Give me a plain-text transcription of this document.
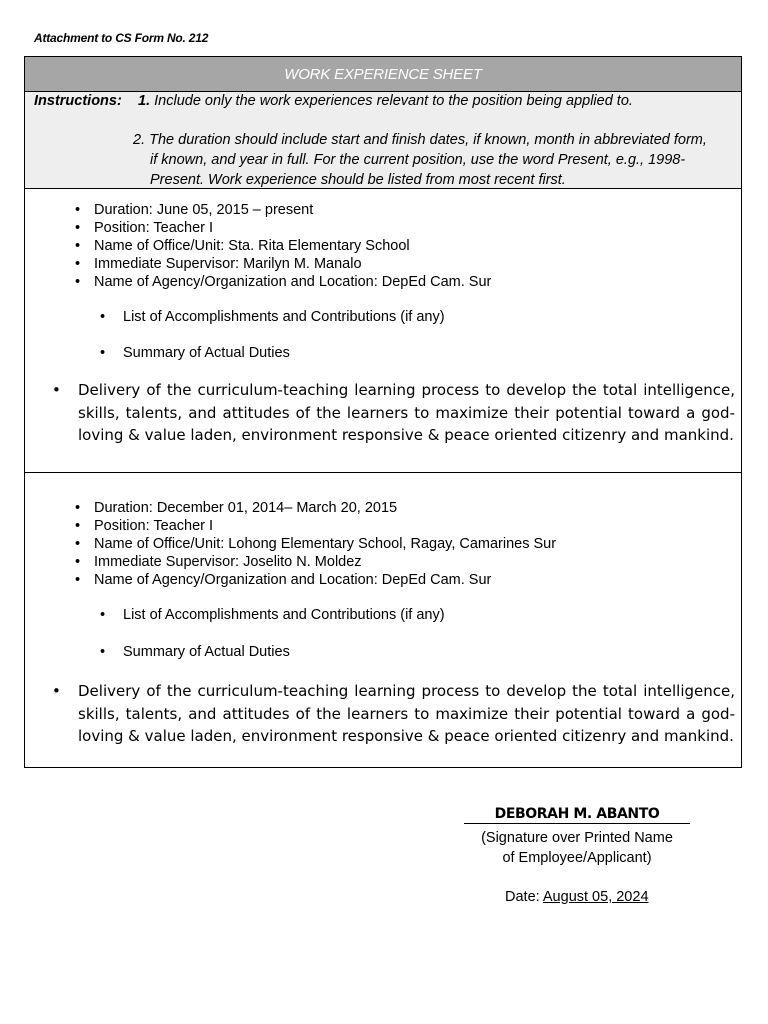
Attachment to CS Form No. 212
WORK EXPERIENCE SHEET
Instructions: 1. Include only the work experiences relevant to the position being applied to.
2. The duration should include start and finish dates, if known, month in abbreviated form,
if known, and year in full. For the current position, use the word Present, e.g., 1998-
Present. Work experience should be listed from most recent first.
• Duration: June 05, 2015 – present
• Position: Teacher I
• Name of Office/Unit: Sta. Rita Elementary School
• Immediate Supervisor: Marilyn M. Manalo
• Name of Agency/Organization and Location: DepEd Cam. Sur
• List of Accomplishments and Contributions (if any)
• Summary of Actual Duties
• Delivery of the curriculum-teaching learning process to develop the total intelligence, skills, talents, and attitudes of the learners to maximize their potential toward a god-loving & value laden, environment responsive & peace oriented citizenry and mankind.
• Duration: December 01, 2014– March 20, 2015
• Position: Teacher I
• Name of Office/Unit: Lohong Elementary School, Ragay, Camarines Sur
• Immediate Supervisor: Joselito N. Moldez
• Name of Agency/Organization and Location: DepEd Cam. Sur
• List of Accomplishments and Contributions (if any)
• Summary of Actual Duties
• Delivery of the curriculum-teaching learning process to develop the total intelligence, skills, talents, and attitudes of the learners to maximize their potential toward a god-loving & value laden, environment responsive & peace oriented citizenry and mankind.
DEBORAH M. ABANTO
(Signature over Printed Name
of Employee/Applicant)
Date: August 05, 2024
